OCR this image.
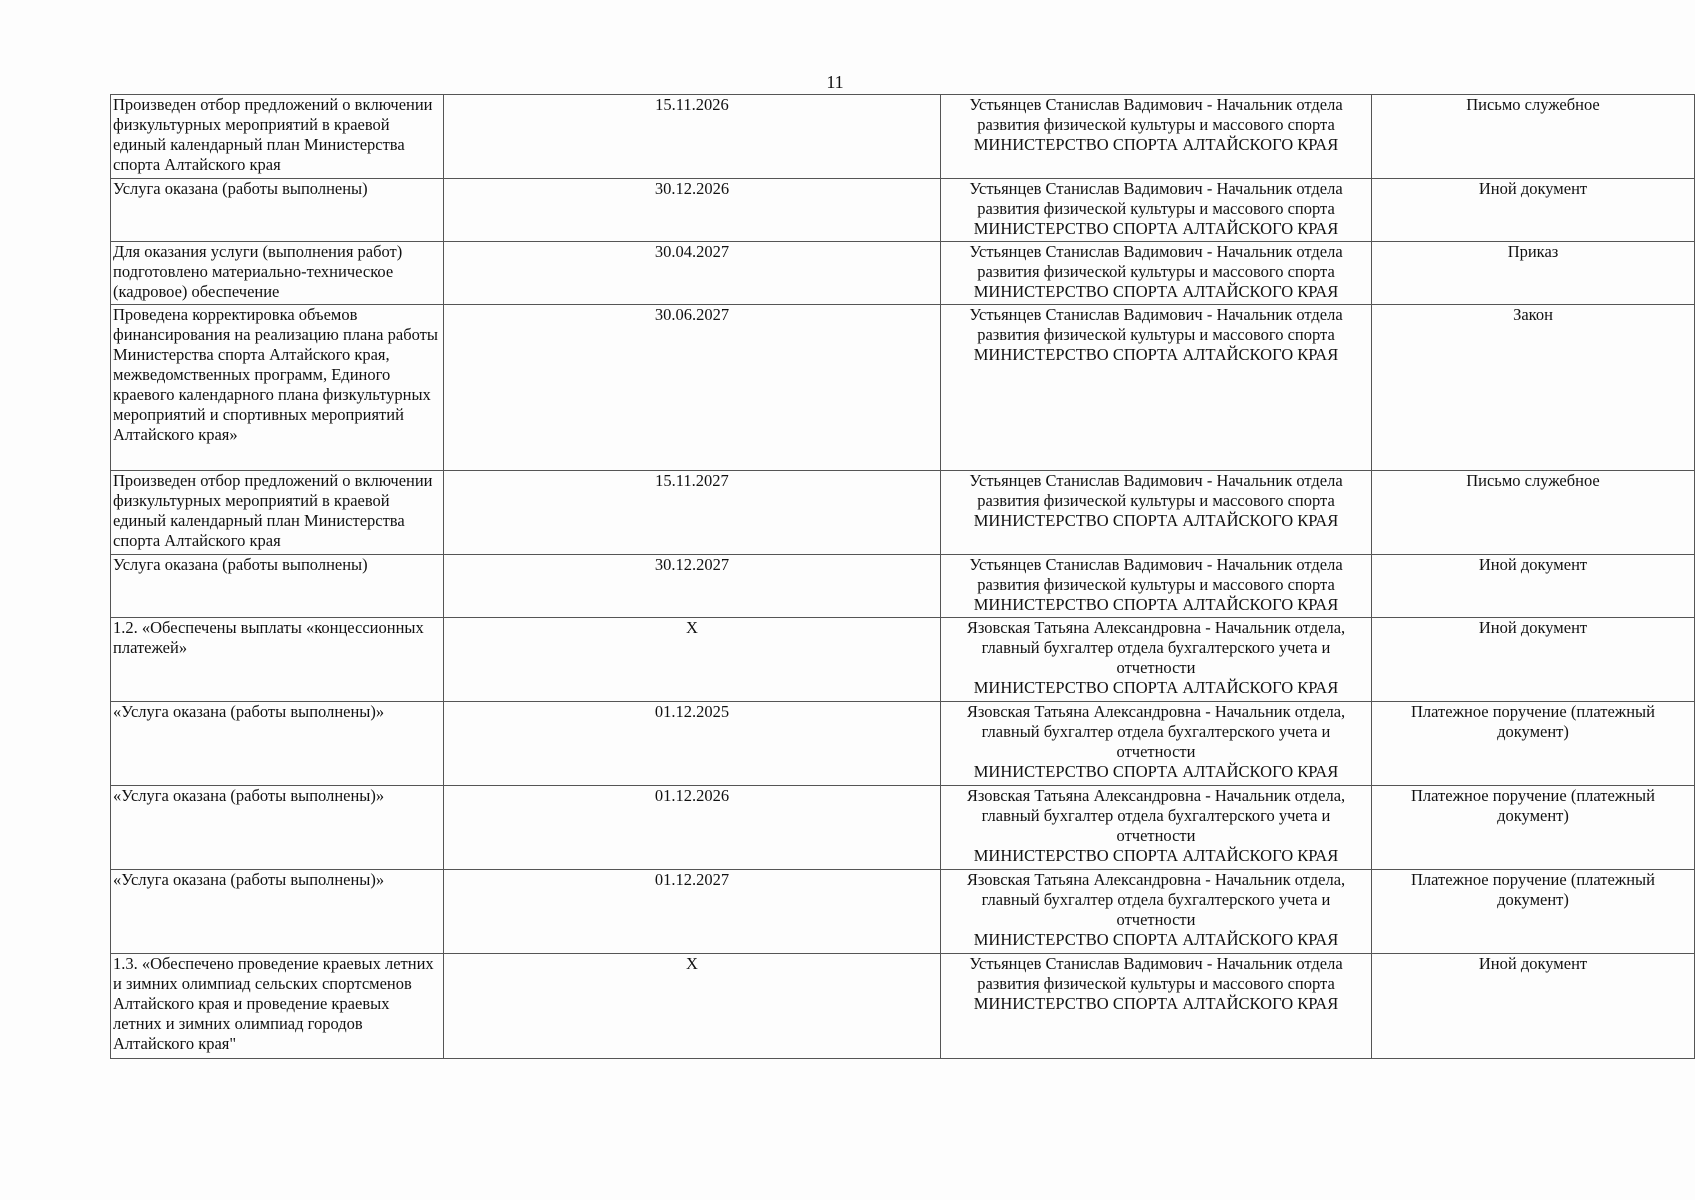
11
Произведен отбор предложений о включении физкультурных мероприятий в краевой единый календарный план Министерства спорта Алтайского края	15.11.2026	Устьянцев Станислав Вадимович - Начальник отдела развития физической культуры и массового спорта
МИНИСТЕРСТВО СПОРТА АЛТАЙСКОГО КРАЯ	Письмо служебное
Услуга оказана (работы выполнены)	30.12.2026	Устьянцев Станислав Вадимович - Начальник отдела развития физической культуры и массового спорта
МИНИСТЕРСТВО СПОРТА АЛТАЙСКОГО КРАЯ	Иной документ
Для оказания услуги (выполнения работ) подготовлено материально-техническое (кадровое) обеспечение	30.04.2027	Устьянцев Станислав Вадимович - Начальник отдела развития физической культуры и массового спорта
МИНИСТЕРСТВО СПОРТА АЛТАЙСКОГО КРАЯ	Приказ
Проведена корректировка объемов финансирования на реализацию плана работы Министерства спорта Алтайского края, межведомственных программ, Единого краевого календарного плана физкультурных мероприятий и спортивных мероприятий Алтайского края»	30.06.2027	Устьянцев Станислав Вадимович - Начальник отдела развития физической культуры и массового спорта
МИНИСТЕРСТВО СПОРТА АЛТАЙСКОГО КРАЯ	Закон
Произведен отбор предложений о включении физкультурных мероприятий в краевой единый календарный план Министерства спорта Алтайского края	15.11.2027	Устьянцев Станислав Вадимович - Начальник отдела развития физической культуры и массового спорта
МИНИСТЕРСТВО СПОРТА АЛТАЙСКОГО КРАЯ	Письмо служебное
Услуга оказана (работы выполнены)	30.12.2027	Устьянцев Станислав Вадимович - Начальник отдела развития физической культуры и массового спорта
МИНИСТЕРСТВО СПОРТА АЛТАЙСКОГО КРАЯ	Иной документ
1.2. «Обеспечены выплаты «концессионных платежей»	X	Язовская Татьяна Александровна - Начальник отдела, главный бухгалтер отдела бухгалтерского учета и отчетности
МИНИСТЕРСТВО СПОРТА АЛТАЙСКОГО КРАЯ	Иной документ
«Услуга оказана (работы выполнены)»	01.12.2025	Язовская Татьяна Александровна - Начальник отдела, главный бухгалтер отдела бухгалтерского учета и отчетности
МИНИСТЕРСТВО СПОРТА АЛТАЙСКОГО КРАЯ	Платежное поручение (платежный документ)
«Услуга оказана (работы выполнены)»	01.12.2026	Язовская Татьяна Александровна - Начальник отдела, главный бухгалтер отдела бухгалтерского учета и отчетности
МИНИСТЕРСТВО СПОРТА АЛТАЙСКОГО КРАЯ	Платежное поручение (платежный документ)
«Услуга оказана (работы выполнены)»	01.12.2027	Язовская Татьяна Александровна - Начальник отдела, главный бухгалтер отдела бухгалтерского учета и отчетности
МИНИСТЕРСТВО СПОРТА АЛТАЙСКОГО КРАЯ	Платежное поручение (платежный документ)
1.3. «Обеспечено проведение краевых летних и зимних олимпиад сельских спортсменов Алтайского края и проведение краевых летних и зимних олимпиад городов Алтайского края"	X	Устьянцев Станислав Вадимович - Начальник отдела развития физической культуры и массового спорта
МИНИСТЕРСТВО СПОРТА АЛТАЙСКОГО КРАЯ	Иной документ
